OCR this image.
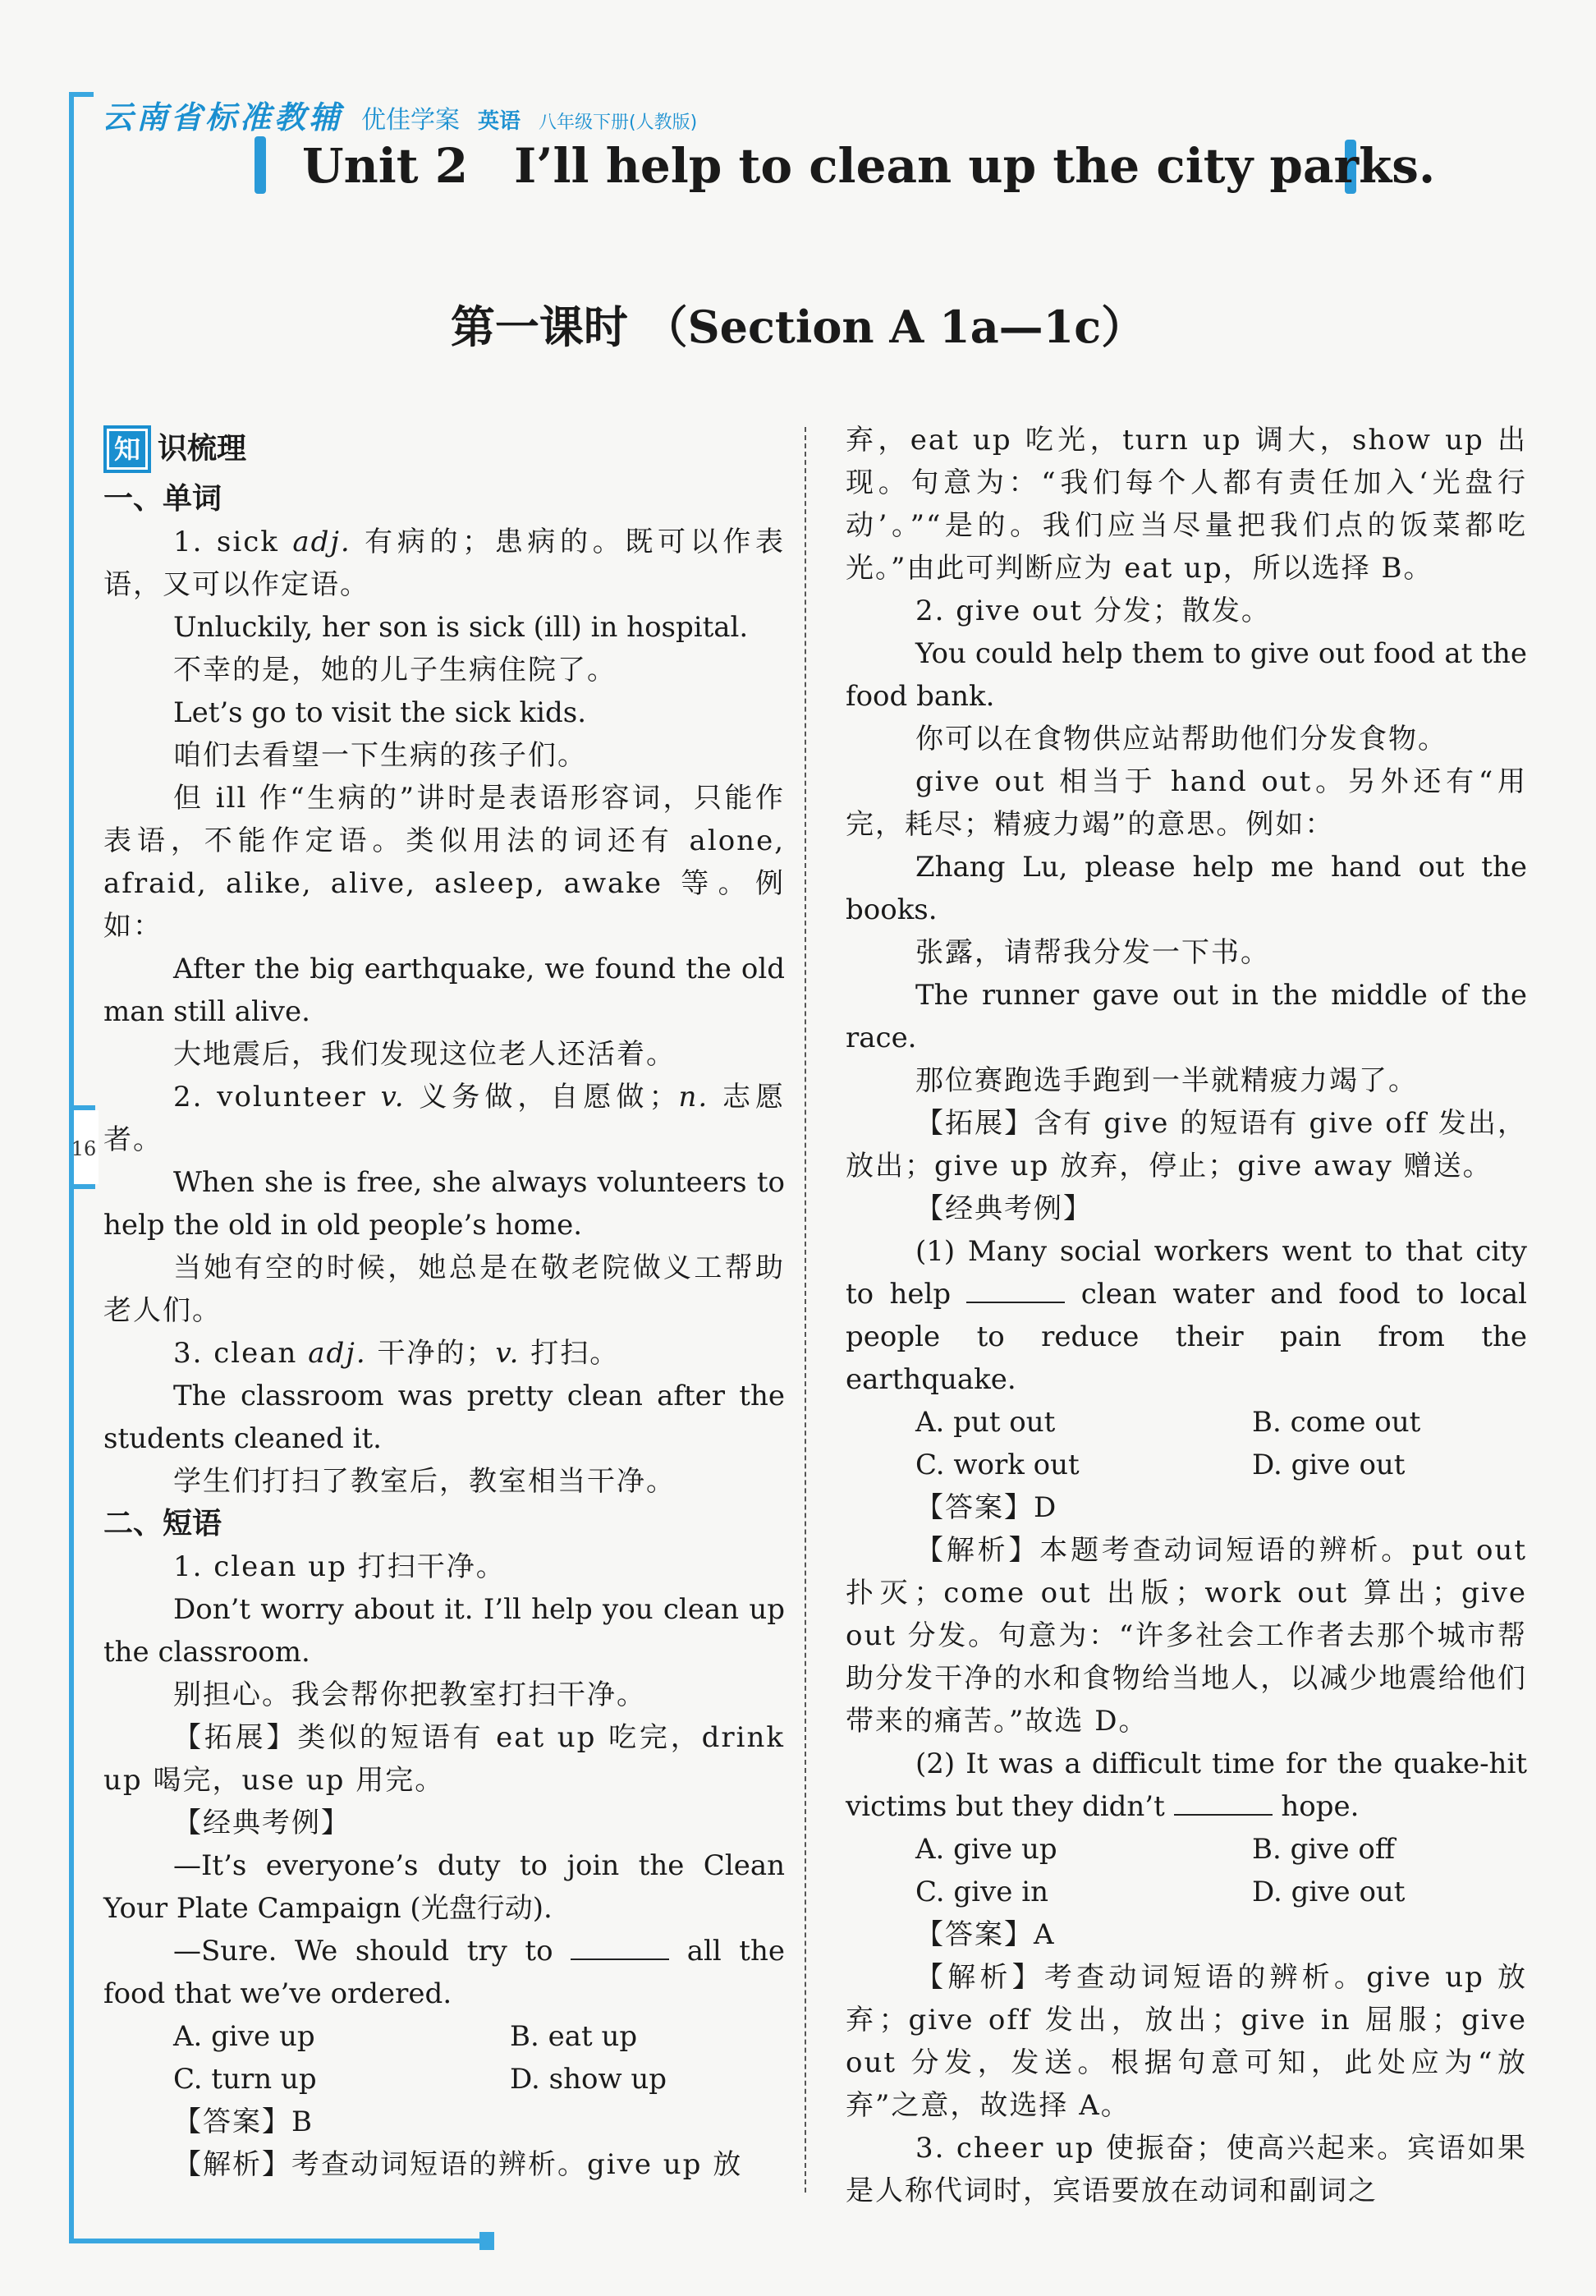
16
云南省标准教辅 优佳学案 英语 八年级下册(人教版)
Unit 2 I’ll help to clean up the city parks.
第一课时 （Section A 1a—1c）
知 识梳理

一、单词

1. sick adj. 有病的；患病的。既可以作表语，又可以作定语。

Unluckily, her son is sick (ill) in hospital.

不幸的是，她的儿子生病住院了。

Let’s go to visit the sick kids.

咱们去看望一下生病的孩子们。

但 ill 作“生病的”讲时是表语形容词，只能作表语，不能作定语。类似用法的词还有 alone, afraid, alike, alive, asleep, awake 等。例如：

After the big earthquake, we found the old man still alive.

大地震后，我们发现这位老人还活着。

2. volunteer v. 义务做，自愿做；n. 志愿者。

When she is free, she always volunteers to help the old in old people’s home.

当她有空的时候，她总是在敬老院做义工帮助老人们。

3. clean adj. 干净的；v. 打扫。

The classroom was pretty clean after the students cleaned it.

学生们打扫了教室后，教室相当干净。

二、短语

1. clean up 打扫干净。

Don’t worry about it. I’ll help you clean up the classroom.

别担心。我会帮你把教室打扫干净。

【拓展】类似的短语有 eat up 吃完，drink up 喝完，use up 用完。

【经典考例】

—It’s everyone’s duty to join the Clean Your Plate Campaign (光盘行动).

—Sure. We should try to	all the food that we’ve ordered.

A. give up	B. eat up
C. turn up	D. show up

【答案】B

【解析】考查动词短语的辨析。give up 放

弃，eat up 吃光，turn up 调大，show up 出现。句意为：“我们每个人都有责任加入‘光盘行动’。”“是的。我们应当尽量把我们点的饭菜都吃光。”由此可判断应为 eat up，所以选择 B。

2. give out 分发；散发。

You could help them to give out food at the food bank.

你可以在食物供应站帮助他们分发食物。

give out 相当于 hand out。另外还有“用完，耗尽；精疲力竭”的意思。例如：

Zhang Lu, please help me hand out the books.

张露，请帮我分发一下书。

The runner gave out in the middle of the race.

那位赛跑选手跑到一半就精疲力竭了。

【拓展】含有 give 的短语有 give off 发出，放出；give up 放弃，停止；give away 赠送。

【经典考例】

(1) Many social workers went to that city to help	clean water and food to local people to reduce their pain from the earthquake.

A. put out	B. come out
C. work out	D. give out

【答案】D

【解析】本题考查动词短语的辨析。put out 扑灭；come out 出版；work out 算出；give out 分发。句意为：“许多社会工作者去那个城市帮助分发干净的水和食物给当地人，以减少地震给他们带来的痛苦。”故选 D。

(2) It was a difficult time for the quake-hit victims but they didn’t	hope.

A. give up	B. give off
C. give in	D. give out

【答案】A

【解析】考查动词短语的辨析。give up 放弃；give off 发出，放出；give in 屈服；give out 分发，发送。根据句意可知，此处应为“放弃”之意，故选择 A。

3. cheer up 使振奋；使高兴起来。宾语如果是人称代词时，宾语要放在动词和副词之
